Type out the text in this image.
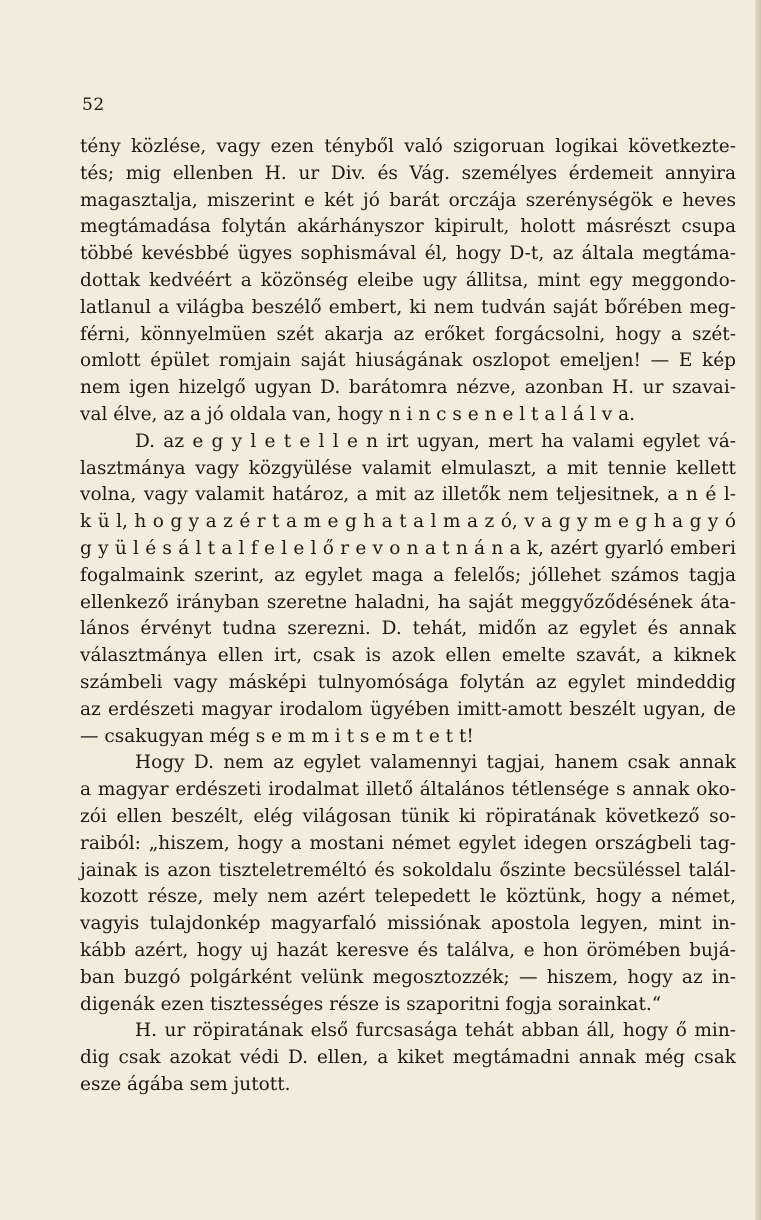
52
tény közlése, vagy ezen tényből való szigoruan logikai következte-
tés; mig ellenben H. ur Div. és Vág. személyes érdemeit annyira
magasztalja, miszerint e két jó barát orczája szerénységök e heves
megtámadása folytán akárhányszor kipirult, holott másrészt csupa
többé kevésbbé ügyes sophismával él, hogy D-t, az általa megtáma-
dottak kedvéért a közönség eleibe ugy állitsa, mint egy meggondo-
latlanul a világba beszélő embert, ki nem tudván saját bőrében meg-
férni, könnyelmüen szét akarja az erőket forgácsolni, hogy a szét-
omlott épület romjain saját hiuságának oszlopot emeljen! — E kép
nem igen hizelgő ugyan D. barátomra nézve, azonban H. ur szavai-
val élve, az a jó oldala van, hogy n i n c s e n e l t a l á l v a.
D. az e g y l e t e l l e n irt ugyan, mert ha valami egylet vá-
lasztmánya vagy közgyülése valamit elmulaszt, a mit tennie kellett
volna, vagy valamit határoz, a mit az illetők nem teljesitnek, a n é l-
k ü l, h o g y a z é r t a m e g h a t a l m a z ó, v a g y m e g h a g y ó
g y ü l é s á l t a l f e l e l ő r e v o n a t n á n a k, azért gyarló emberi
fogalmaink szerint, az egylet maga a felelős; jóllehet számos tagja
ellenkező irányban szeretne haladni, ha saját meggyőződésének áta-
lános érvényt tudna szerezni. D. tehát, midőn az egylet és annak
választmánya ellen irt, csak is azok ellen emelte szavát, a kiknek
számbeli vagy másképi tulnyomósága folytán az egylet mindeddig
az erdészeti magyar irodalom ügyében imitt-amott beszélt ugyan, de
— csakugyan még s e m m i t s e m t e t t!
Hogy D. nem az egylet valamennyi tagjai, hanem csak annak
a magyar erdészeti irodalmat illető általános tétlensége s annak oko-
zói ellen beszélt, elég világosan tünik ki röpiratának következő so-
raiból: „hiszem, hogy a mostani német egylet idegen országbeli tag-
jainak is azon tiszteletreméltó és sokoldalu őszinte becsüléssel talál-
kozott része, mely nem azért telepedett le köztünk, hogy a német,
vagyis tulajdonkép magyarfaló missiónak apostola legyen, mint in-
kább azért, hogy uj hazát keresve és találva, e hon örömében bujá-
ban buzgó polgárként velünk megosztozzék; — hiszem, hogy az in-
digenák ezen tisztességes része is szaporitni fogja sorainkat.“
H. ur röpiratának első furcsasága tehát abban áll, hogy ő min-
dig csak azokat védi D. ellen, a kiket megtámadni annak még csak
esze ágába sem jutott.
